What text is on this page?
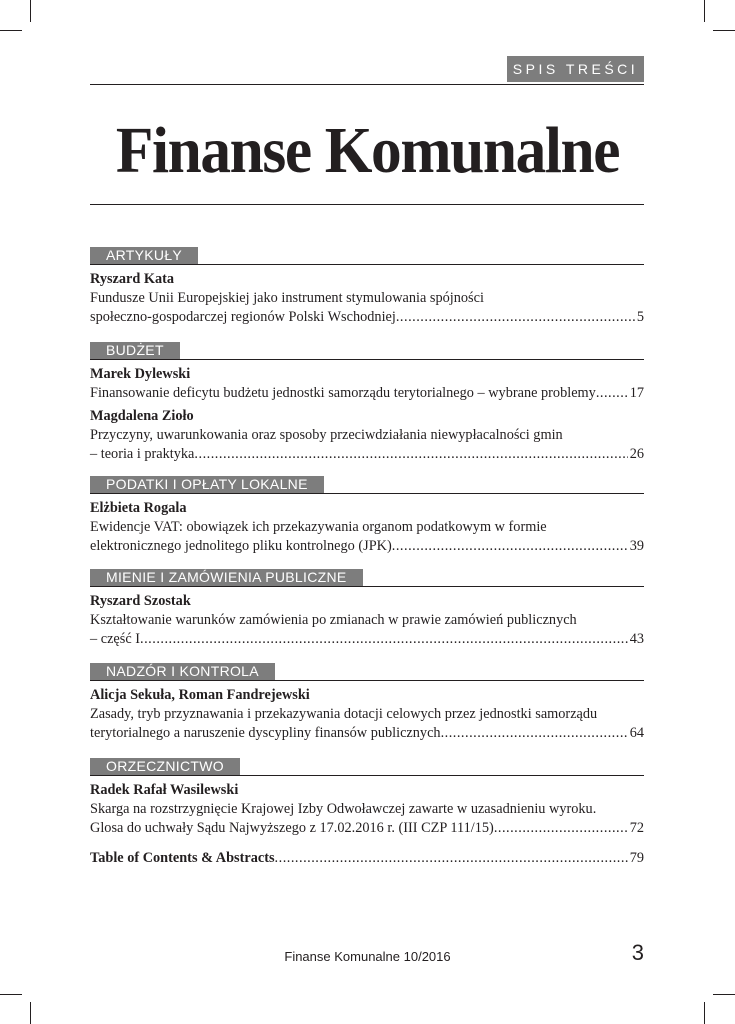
SPIS TREŚCI
Finanse Komunalne
ARTYKUŁY
Ryszard Kata
Fundusze Unii Europejskiej jako instrument stymulowania spójności
społeczno-gospodarczej regionów Polski Wschodniej .....	5
BUDŻET
Marek Dylewski
Finansowanie deficytu budżetu jednostki samorządu terytorialnego – wybrane problemy ..... 17
Magdalena Zioło
Przyczyny, uwarunkowania oraz sposoby przeciwdziałania niewypłacalności gmin
– teoria i praktyka .....	26
PODATKI I OPŁATY LOKALNE
Elżbieta Rogala
Ewidencje VAT: obowiązek ich przekazywania organom podatkowym w formie
elektronicznego jednolitego pliku kontrolnego (JPK) .....	39
MIENIE I ZAMÓWIENIA PUBLICZNE
Ryszard Szostak
Kształtowanie warunków zamówienia po zmianach w prawie zamówień publicznych
– część I .....	43
NADZÓR I KONTROLA
Alicja Sekuła, Roman Fandrejewski
Zasady, tryb przyznawania i przekazywania dotacji celowych przez jednostki samorządu
terytorialnego a naruszenie dyscypliny finansów publicznych .....	64
ORZECZNICTWO
Radek Rafał Wasilewski
Skarga na rozstrzygnięcie Krajowej Izby Odwoławczej zawarte w uzasadnieniu wyroku.
Glosa do uchwały Sądu Najwyższego z 17.02.2016 r. (III CZP 111/15) .....	72
Table of Contents & Abstracts .....	79
Finanse Komunalne 10/2016	3
